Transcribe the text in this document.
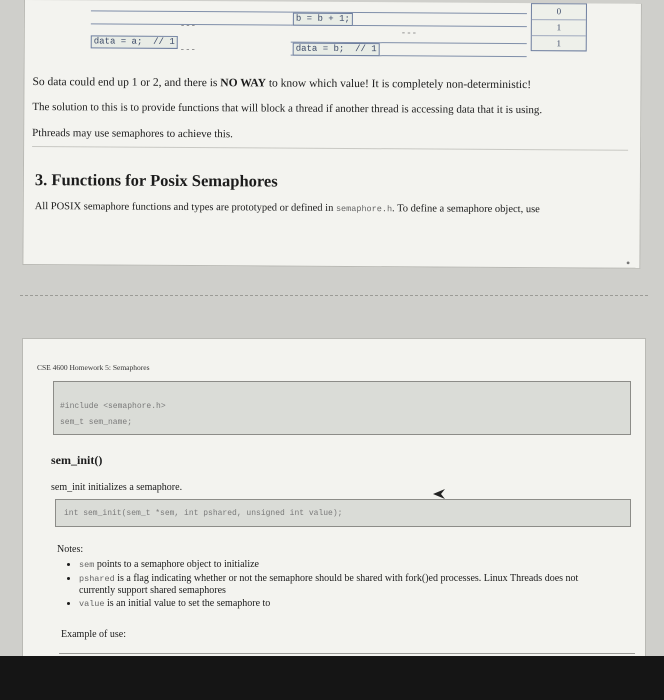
---
---
---
b = b + 1;
data = a;  // 1
data = b;  // 1
0
1
1
So data could end up 1 or 2, and there is NO WAY to know which value! It is completely non-deterministic!
The solution to this is to provide functions that will block a thread if another thread is accessing data that it is using.
Pthreads may use semaphores to achieve this.
3. Functions for Posix Semaphores
All POSIX semaphore functions and types are prototyped or defined in semaphore.h. To define a semaphore object, use
•
CSE 4600 Homework 5: Semaphores
#include <semaphore.h>
sem_t sem_name;
sem_init()
sem_init initializes a semaphore.
int sem_init(sem_t *sem, int pshared, unsigned int value);
Notes:
• sem points to a semaphore object to initialize
• pshared is a flag indicating whether or not the semaphore should be shared with fork()ed processes. Linux Threads does not currently support shared semaphores
• value is an initial value to set the semaphore to
Example of use:
